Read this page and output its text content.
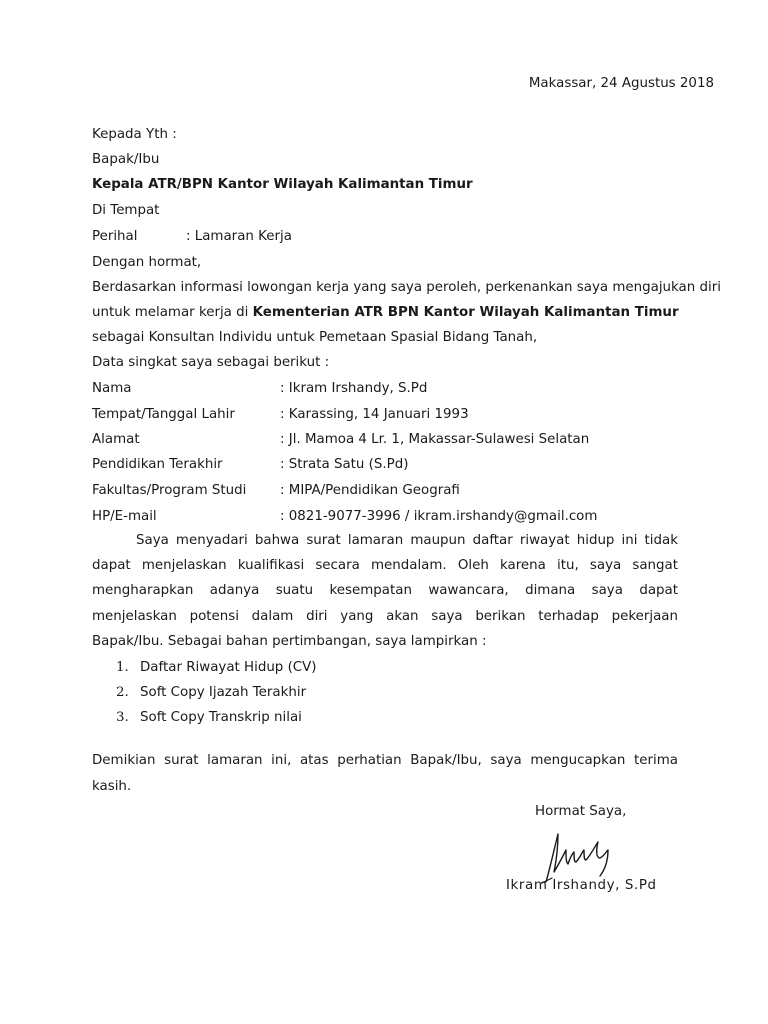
Makassar, 24 Agustus 2018
Kepada Yth :
Bapak/Ibu
Kepala ATR/BPN Kantor Wilayah Kalimantan Timur
Di Tempat
Perihal	: Lamaran Kerja
Dengan hormat,
Berdasarkan informasi lowongan kerja yang saya peroleh, perkenankan saya mengajukan diri
untuk melamar kerja di Kementerian ATR BPN Kantor Wilayah Kalimantan Timur
sebagai Konsultan Individu untuk Pemetaan Spasial Bidang Tanah,
Data singkat saya sebagai berikut :
Nama	: Ikram Irshandy, S.Pd
Tempat/Tanggal Lahir	: Karassing, 14 Januari 1993
Alamat	: Jl. Mamoa 4 Lr. 1, Makassar-Sulawesi Selatan
Pendidikan Terakhir	: Strata Satu (S.Pd)
Fakultas/Program Studi	: MIPA/Pendidikan Geografi
HP/E-mail	: 0821-9077-3996 / ikram.irshandy@gmail.com
Saya menyadari bahwa surat lamaran maupun daftar riwayat hidup ini tidak
dapat menjelaskan kualifikasi secara mendalam. Oleh karena itu, saya sangat
mengharapkan adanya suatu kesempatan wawancara, dimana saya dapat
menjelaskan potensi dalam diri yang akan saya berikan terhadap pekerjaan
Bapak/Ibu. Sebagai bahan pertimbangan, saya lampirkan :
1. Daftar Riwayat Hidup (CV)
2. Soft Copy Ijazah Terakhir
3. Soft Copy Transkrip nilai
Demikian surat lamaran ini, atas perhatian Bapak/Ibu, saya mengucapkan terima
kasih.
Hormat Saya,
Ikram Irshandy, S.Pd
